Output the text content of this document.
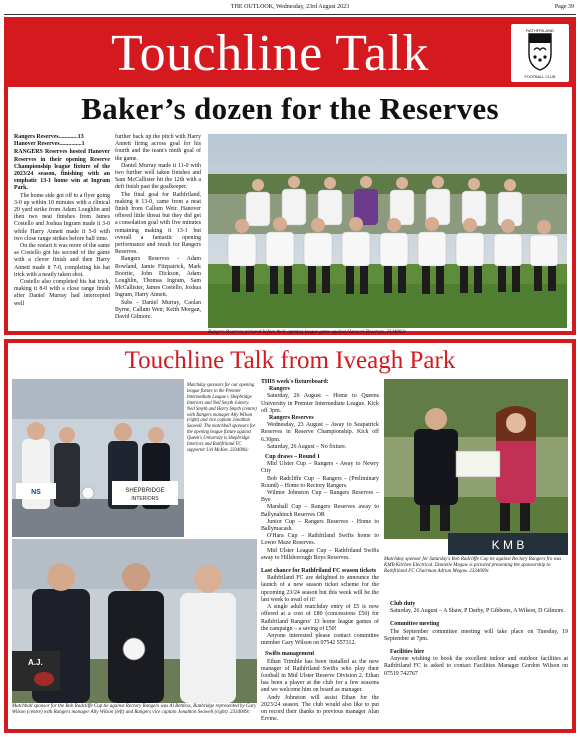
THE OUTLOOK, Wednesday, 23rd August 2023	Page 39
Touchline Talk	RATHFRILAND
FOOTBALL CLUB
Baker’s dozen for the Reserves

Rangers Reserves.............13

Hanover Reserves...............1

RANGERS Reserves hosted Hanover Reserves in their opening Reserve Championship league fixture of the 2023/24 season, finishing with an emphatic 13-1 home win at Ingram Park.

The home side got off to a flyer going 3-0 up within 10 minutes with a clinical 20 yard strike from Adam Loughlin and then two neat finishes from James Costello and Joshua Ingram made it 3-0 while Harry Annett made it 5-0 with two close range strikes before half time.

On the restart it was more of the same as Costello got his second of the game with a clever finish and then Harry Annett made it 7-0, completing his hat trick with a neatly taken shot.

Costello also completed his hat trick, making it 8-0 with a close range finish after Daniel Murray had intercepted well

further back up the pitch with Harry Annett firing across goal for his fourth and the team's ninth goal of the game.

Daniel Murray made it 11-0 with two further well taken finishes and Sam McCallister hit the 12th with a deft finish past the goalkeeper.

The final goal for Rathfriland, making it 13-0, came from a neat finish from Callum Weir. Hanover offered little threat but they did get a consolation goal with five minutes remaining making it 13-1 but overall a fantastic opening performance and result for Rangers Reserves.

Rangers Reserves - Adam Rowland, Jamie Fitzpatrick, Mark Boortie, John Dickson, Adam Loughlin, Thomas Ingram, Sam McCallister, James Costello, Joshua Ingram, Harry Annett.

Subs - Daniel Murray, Caolan Byrne, Callum Weir, Keith Morgan, David Gilmore.

Rangers Reserves pictured before their opening league game against Hanover Reserves. 2334002c
Touchline Talk from Iveagh Park
SHEPBRIDGE
INTERIORS
NS
Matchday sponsors for our opening league fixture in the Premier Intermediate League v Shepbridge Interiors and Neil Smyth Joinery. Neil Smyth and Harry Smyth (centre) with Rangers manager Ally Wilson (right) and vice captain Jonathan Seawell. The matchball sponsors for the opening league fixture against Queen's University is Shepbridge Interiors and Rathfriland FC supporter Uel McKee. 2334006c
A.J.
Matchball sponsor for the Bob Radcliffe Cup tie against Rectory Rangers was Al Bettless, Banbridge represented by Gary Wilson (centre) with Rangers manager Ally Wilson (left) and Rangers vice captain Jonathon Seawell (right). 2334009c

THIS week's fixtureboard:

Rangers

Saturday, 26 August – Home to Queens University in Premier Intermediate League. Kick off 3pm.

Rangers Reserves

Wednesday, 23 August – Away to Seapatrick Reserves in Reserve Championship. Kick off 6.30pm.

Saturday, 26 August – No fixture.

Cup draws – Round 1

Mid Ulster Cup – Rangers - Away to Newry City

Bob Radcliffe Cup – Rangers - (Preliminary Round) – Home to Rectory Rangers.

Wilmor Johnston Cup – Rangers Reserves – Bye

Marshall Cup – Rangers Reserves away to Ballynahinch Reserves OR

Junior Cup – Rangers Reserves - Home to Ballymacash.

O'Hara Cup – Rathfriland Swifts home to Lower Maze Reserves.

Mid Ulster League Cup – Rathfriland Swifts away to Hillsborough Boys Reserves.

Last chance for Rathfriland FC season tickets

Rathfriland FC are delighted to announce the launch of a new season ticket scheme for the upcoming 23/24 season but this week will be the last week to avail of it!

A single adult matchday entry of £5 is now offered at a cost of £80 (concessions £50) for Rathfriland Rangers' 13 home league games of the campaign – a saving of £50!

Anyone interested please contact committee member Gary Wilson on 07542 557312.

Swifts management

Ethan Trimble has been installed as the new manager of Rathfriland Swifts who play their football in Mid Ulster Reserve Division 2. Ethan has been a player at the club for a few seasons and we welcome him on board as manager.

Andy Johnston will assist Ethan for the 2023/24 season. The club would also like to put on record their thanks to previous manager Alan Ervine.

K M B
Matchday sponsor for Saturday's Bob Radcliffe Cup tie against Rectory Rangers fro was KMB Kitchen Electrical. Danielle Megaw is pictured presenting the sponsorship to Rathfriland FC Chairman Adrian Megaw. 2334009c

Club duty

Saturday, 26 August – A Shaw, P Darby, P Gibbons, A Wilson, D Gilmore.

Committee meeting

The September committee meeting will take place on Tuesday, 19 September at 7pm.

Facilities hire

Anyone wishing to book the excellent indoor and outdoor facilities at Rathfriland FC is asked to contact Facilities Manager Gordon Wilson on 07519 742767
